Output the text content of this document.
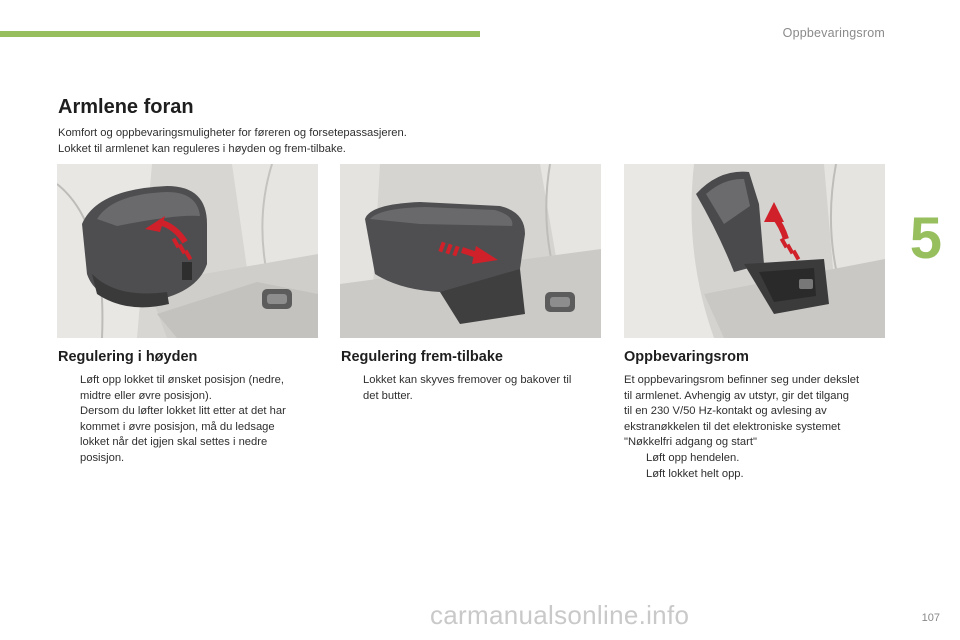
Oppbevaringsrom
5
Armlene foran
Komfort og oppbevaringsmuligheter for føreren og forsetepassasjeren.
Lokket til armlenet kan reguleres i høyden og frem-tilbake.
Regulering i høyden
Løft opp lokket til ønsket posisjon (nedre,
midtre eller øvre posisjon).
Dersom du løfter lokket litt etter at det har
kommet i øvre posisjon, må du ledsage
lokket når det igjen skal settes i nedre
posisjon.
Regulering frem-tilbake
Lokket kan skyves fremover og bakover til
det butter.
Oppbevaringsrom
Et oppbevaringsrom befinner seg under dekslet
til armlenet. Avhengig av utstyr, gir det tilgang
til en 230 V/50 Hz-kontakt og avlesing av
ekstranøkkelen til det elektroniske systemet
"Nøkkelfri adgang og start"
Løft opp hendelen.
Løft lokket helt opp.
carmanualsonline.info	107
